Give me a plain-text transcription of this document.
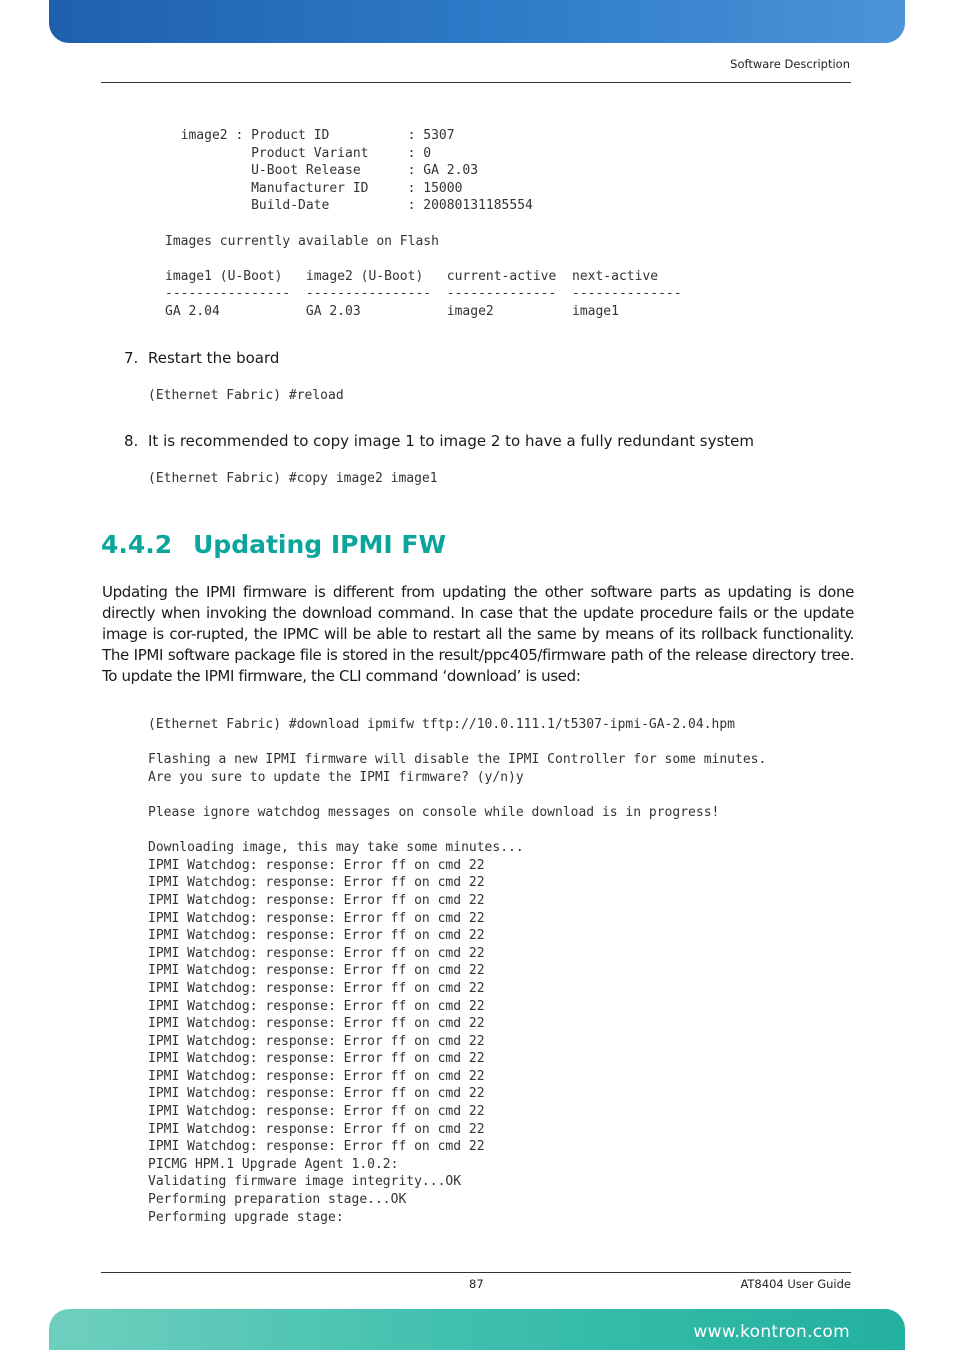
Software Description
image2 : Product ID          : 5307
Product Variant     : 0
U-Boot Release      : GA 2.03
Manufacturer ID     : 15000
Build-Date          : 20080131185554

Images currently available on Flash

image1 (U-Boot)   image2 (U-Boot)   current-active  next-active
----------------  ----------------  --------------  --------------
GA 2.04           GA 2.03           image2          image1
7. Restart the board
(Ethernet Fabric) #reload
8. It is recommended to copy image 1 to image 2 to have a fully redundant system
(Ethernet Fabric) #copy image2 image1
4.4.2 Updating IPMI FW

Updating the IPMI firmware is different from updating the other software parts as updating is done directly when invoking the download command. In case that the update procedure fails or the update image is cor-rupted, the IPMC will be able to restart all the same by means of its rollback functionality. The IPMI software package file is stored in the result/ppc405/firmware path of the release directory tree. To update the IPMI firmware, the CLI command ‘download’ is used:

(Ethernet Fabric) #download ipmifw tftp://10.0.111.1/t5307-ipmi-GA-2.04.hpm

Flashing a new IPMI firmware will disable the IPMI Controller for some minutes.
Are you sure to update the IPMI firmware? (y/n)y

Please ignore watchdog messages on console while download is in progress!

Downloading image, this may take some minutes...
IPMI Watchdog: response: Error ff on cmd 22
IPMI Watchdog: response: Error ff on cmd 22
IPMI Watchdog: response: Error ff on cmd 22
IPMI Watchdog: response: Error ff on cmd 22
IPMI Watchdog: response: Error ff on cmd 22
IPMI Watchdog: response: Error ff on cmd 22
IPMI Watchdog: response: Error ff on cmd 22
IPMI Watchdog: response: Error ff on cmd 22
IPMI Watchdog: response: Error ff on cmd 22
IPMI Watchdog: response: Error ff on cmd 22
IPMI Watchdog: response: Error ff on cmd 22
IPMI Watchdog: response: Error ff on cmd 22
IPMI Watchdog: response: Error ff on cmd 22
IPMI Watchdog: response: Error ff on cmd 22
IPMI Watchdog: response: Error ff on cmd 22
IPMI Watchdog: response: Error ff on cmd 22
IPMI Watchdog: response: Error ff on cmd 22
PICMG HPM.1 Upgrade Agent 1.0.2:
Validating firmware image integrity...OK
Performing preparation stage...OK
Performing upgrade stage:
87	AT8404 User Guide
www.kontron.com
